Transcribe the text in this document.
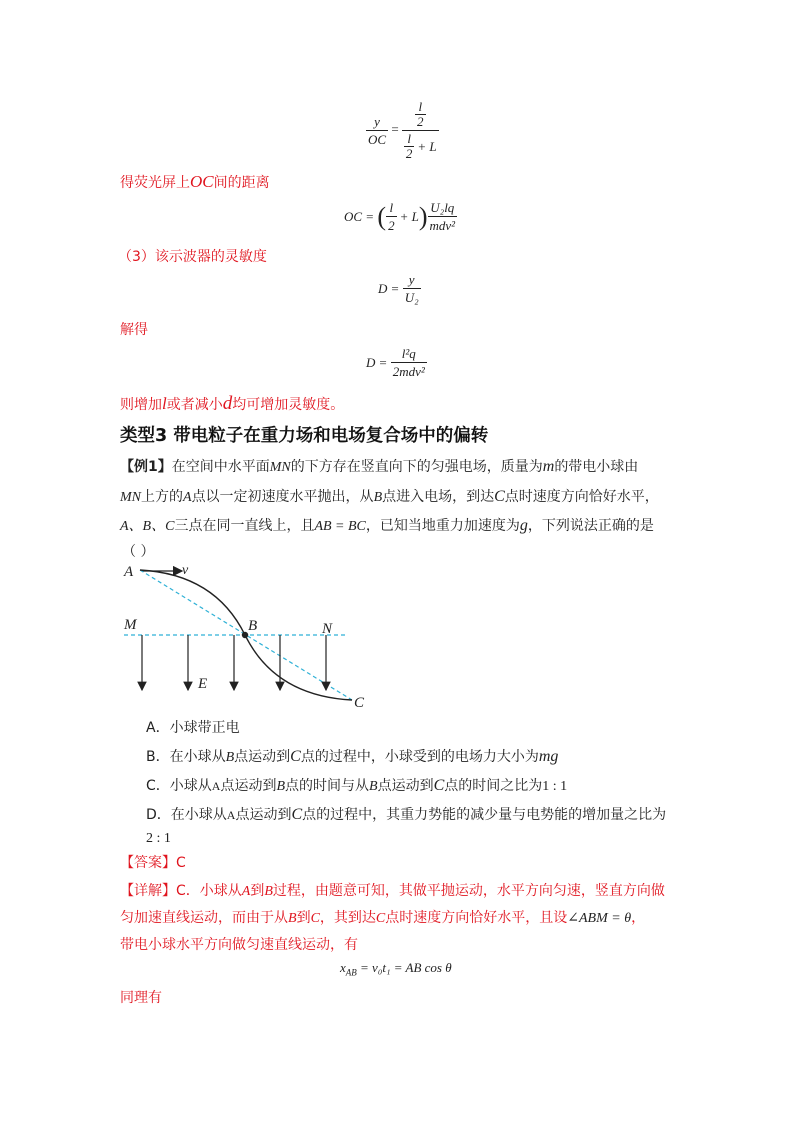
$\frac{y}{OC} = \frac{\frac{l}{2}}{\frac{l}{2} + L}$
得荧光屏上OC间的距离
OC = ( $\frac{l}{2} + L$ ) $\frac{\text{U₂lq}}{\text{mdv²}}$
（3）该示波器的灵敏度
$D = \frac{y}{\text{U₂}}$
解得
$D = \frac{\text{l²q}}{\text{2mdv²}}$
则增加l或者减小d均可增加灵敏度。
类型3 带电粒子在重力场和电场复合场中的偏转
【例1】在空间中水平面MN的下方存在竖直向下的匀强电场，质量为m的带电小球由
MN上方的A点以一定初速度水平抛出，从B点进入电场，到达C点时速度方向恰好水平，
A、B、C三点在同一直线上，且AB = BC，已知当地重力加速度为g，下列说法正确的是
（ ）
A	v
M	B	N
E
C
A．小球带正电
B．在小球从B点运动到C点的过程中，小球受到的电场力大小为mg
C．小球从A点运动到B点的时间与从B点运动到C点的时间之比为1 : 1
D．在小球从A点运动到C点的过程中，其重力势能的减少量与电势能的增加量之比为
2 : 1
【答案】C
【详解】C．小球从A到B过程，由题意可知，其做平抛运动，水平方向匀速，竖直方向做
匀加速直线运动，而由于从B到C，其到达C点时速度方向恰好水平，且设∠ABM = θ，
带电小球水平方向做匀速直线运动，有
$x_{AB} = v_0t_1$ = AB cos θ
同理有
